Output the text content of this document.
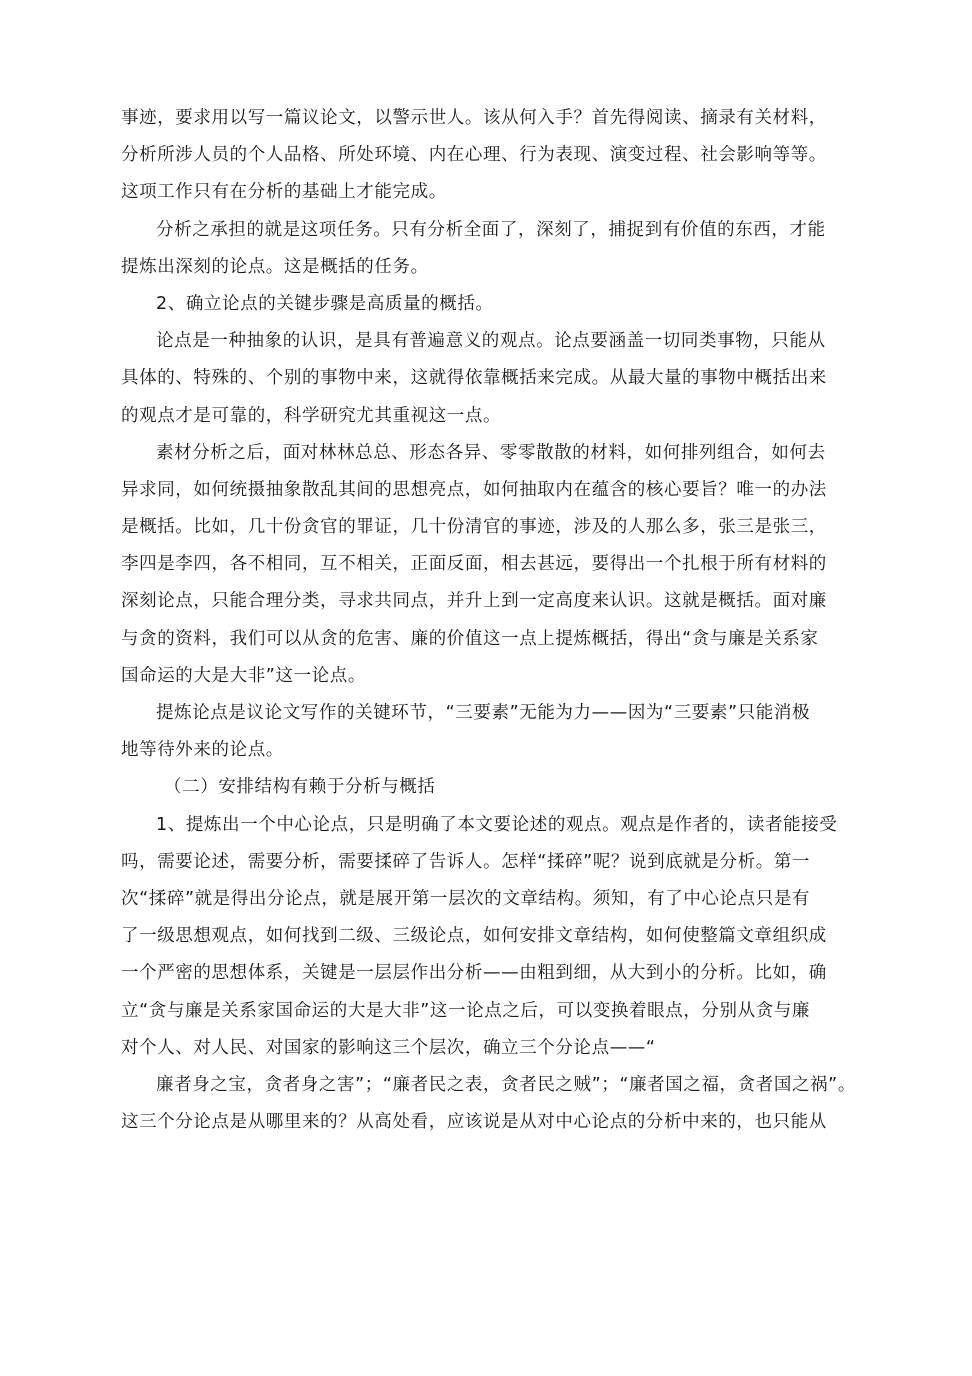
事迹，要求用以写一篇议论文，以警示世人。该从何入手？首先得阅读、摘录有关材料，
分析所涉人员的个人品格、所处环境、内在心理、行为表现、演变过程、社会影响等等。
这项工作只有在分析的基础上才能完成。
分析之承担的就是这项任务。只有分析全面了，深刻了，捕捉到有价值的东西，才能
提炼出深刻的论点。这是概括的任务。
2、确立论点的关键步骤是高质量的概括。
论点是一种抽象的认识，是具有普遍意义的观点。论点要涵盖一切同类事物，只能从
具体的、特殊的、个别的事物中来，这就得依靠概括来完成。从最大量的事物中概括出来
的观点才是可靠的，科学研究尤其重视这一点。
素材分析之后，面对林林总总、形态各异、零零散散的材料，如何排列组合，如何去
异求同，如何统摄抽象散乱其间的思想亮点，如何抽取内在蕴含的核心要旨？唯一的办法
是概括。比如，几十份贪官的罪证，几十份清官的事迹，涉及的人那么多，张三是张三，
李四是李四，各不相同，互不相关，正面反面，相去甚远，要得出一个扎根于所有材料的
深刻论点，只能合理分类，寻求共同点，并升上到一定高度来认识。这就是概括。面对廉
与贪的资料，我们可以从贪的危害、廉的价值这一点上提炼概括，得出“贪与廉是关系家
国命运的大是大非”这一论点。
提炼论点是议论文写作的关键环节，“三要素”无能为力——因为“三要素”只能消极
地等待外来的论点。
（二）安排结构有赖于分析与概括
1、提炼出一个中心论点，只是明确了本文要论述的观点。观点是作者的，读者能接受
吗，需要论述，需要分析，需要揉碎了告诉人。怎样“揉碎”呢？说到底就是分析。第一
次“揉碎”就是得出分论点，就是展开第一层次的文章结构。须知，有了中心论点只是有
了一级思想观点，如何找到二级、三级论点，如何安排文章结构，如何使整篇文章组织成
一个严密的思想体系，关键是一层层作出分析——由粗到细，从大到小的分析。比如，确
立“贪与廉是关系家国命运的大是大非”这一论点之后，可以变换着眼点，分别从贪与廉
对个人、对人民、对国家的影响这三个层次，确立三个分论点——“
廉者身之宝，贪者身之害”；“廉者民之表，贪者民之贼”；“廉者国之福，贪者国之祸”。
这三个分论点是从哪里来的？从高处看，应该说是从对中心论点的分析中来的，也只能从
